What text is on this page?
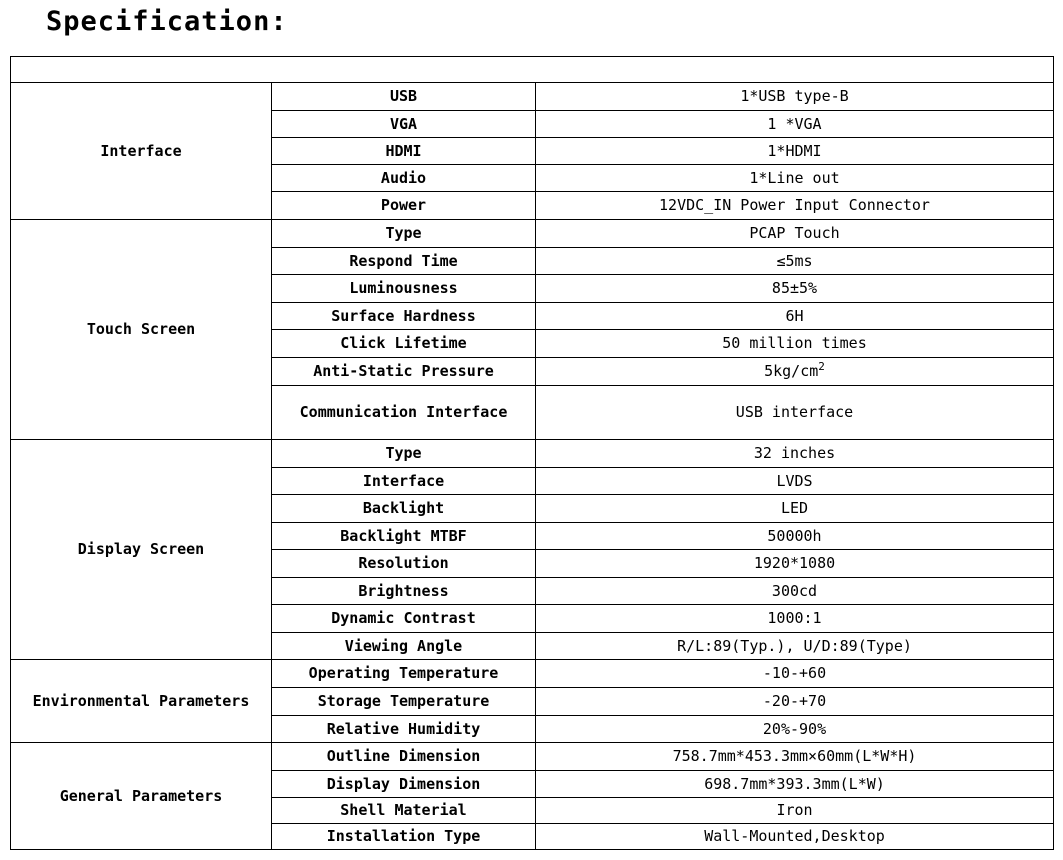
Specification:

Interface	USB	1*USB type-B
	VGA	1 *VGA
	HDMI	1*HDMI
	Audio	1*Line out
	Power	12VDC_IN Power Input Connector
Touch Screen	Type	PCAP Touch
	Respond Time	≤5ms
	Luminousness	85±5%
	Surface Hardness	6H
	Click Lifetime	50 million times
	Anti-Static Pressure	$5kg/cm^2$
	Communication Interface	USB interface
Display Screen	Type	32 inches
	Interface	LVDS
	Backlight	LED
	Backlight MTBF	50000h
	Resolution	1920*1080
	Brightness	300cd
	Dynamic Contrast	1000:1
	Viewing Angle	R/L:89(Typ.), U/D:89(Type)
Environmental Parameters	Operating Temperature	-10-+60
	Storage Temperature	-20-+70
	Relative Humidity	20%-90%
General Parameters	Outline Dimension	758.7mm*453.3mm×60mm(L*W*H)
	Display Dimension	698.7mm*393.3mm(L*W)
	Shell Material	Iron
	Installation Type	Wall-Mounted,Desktop
